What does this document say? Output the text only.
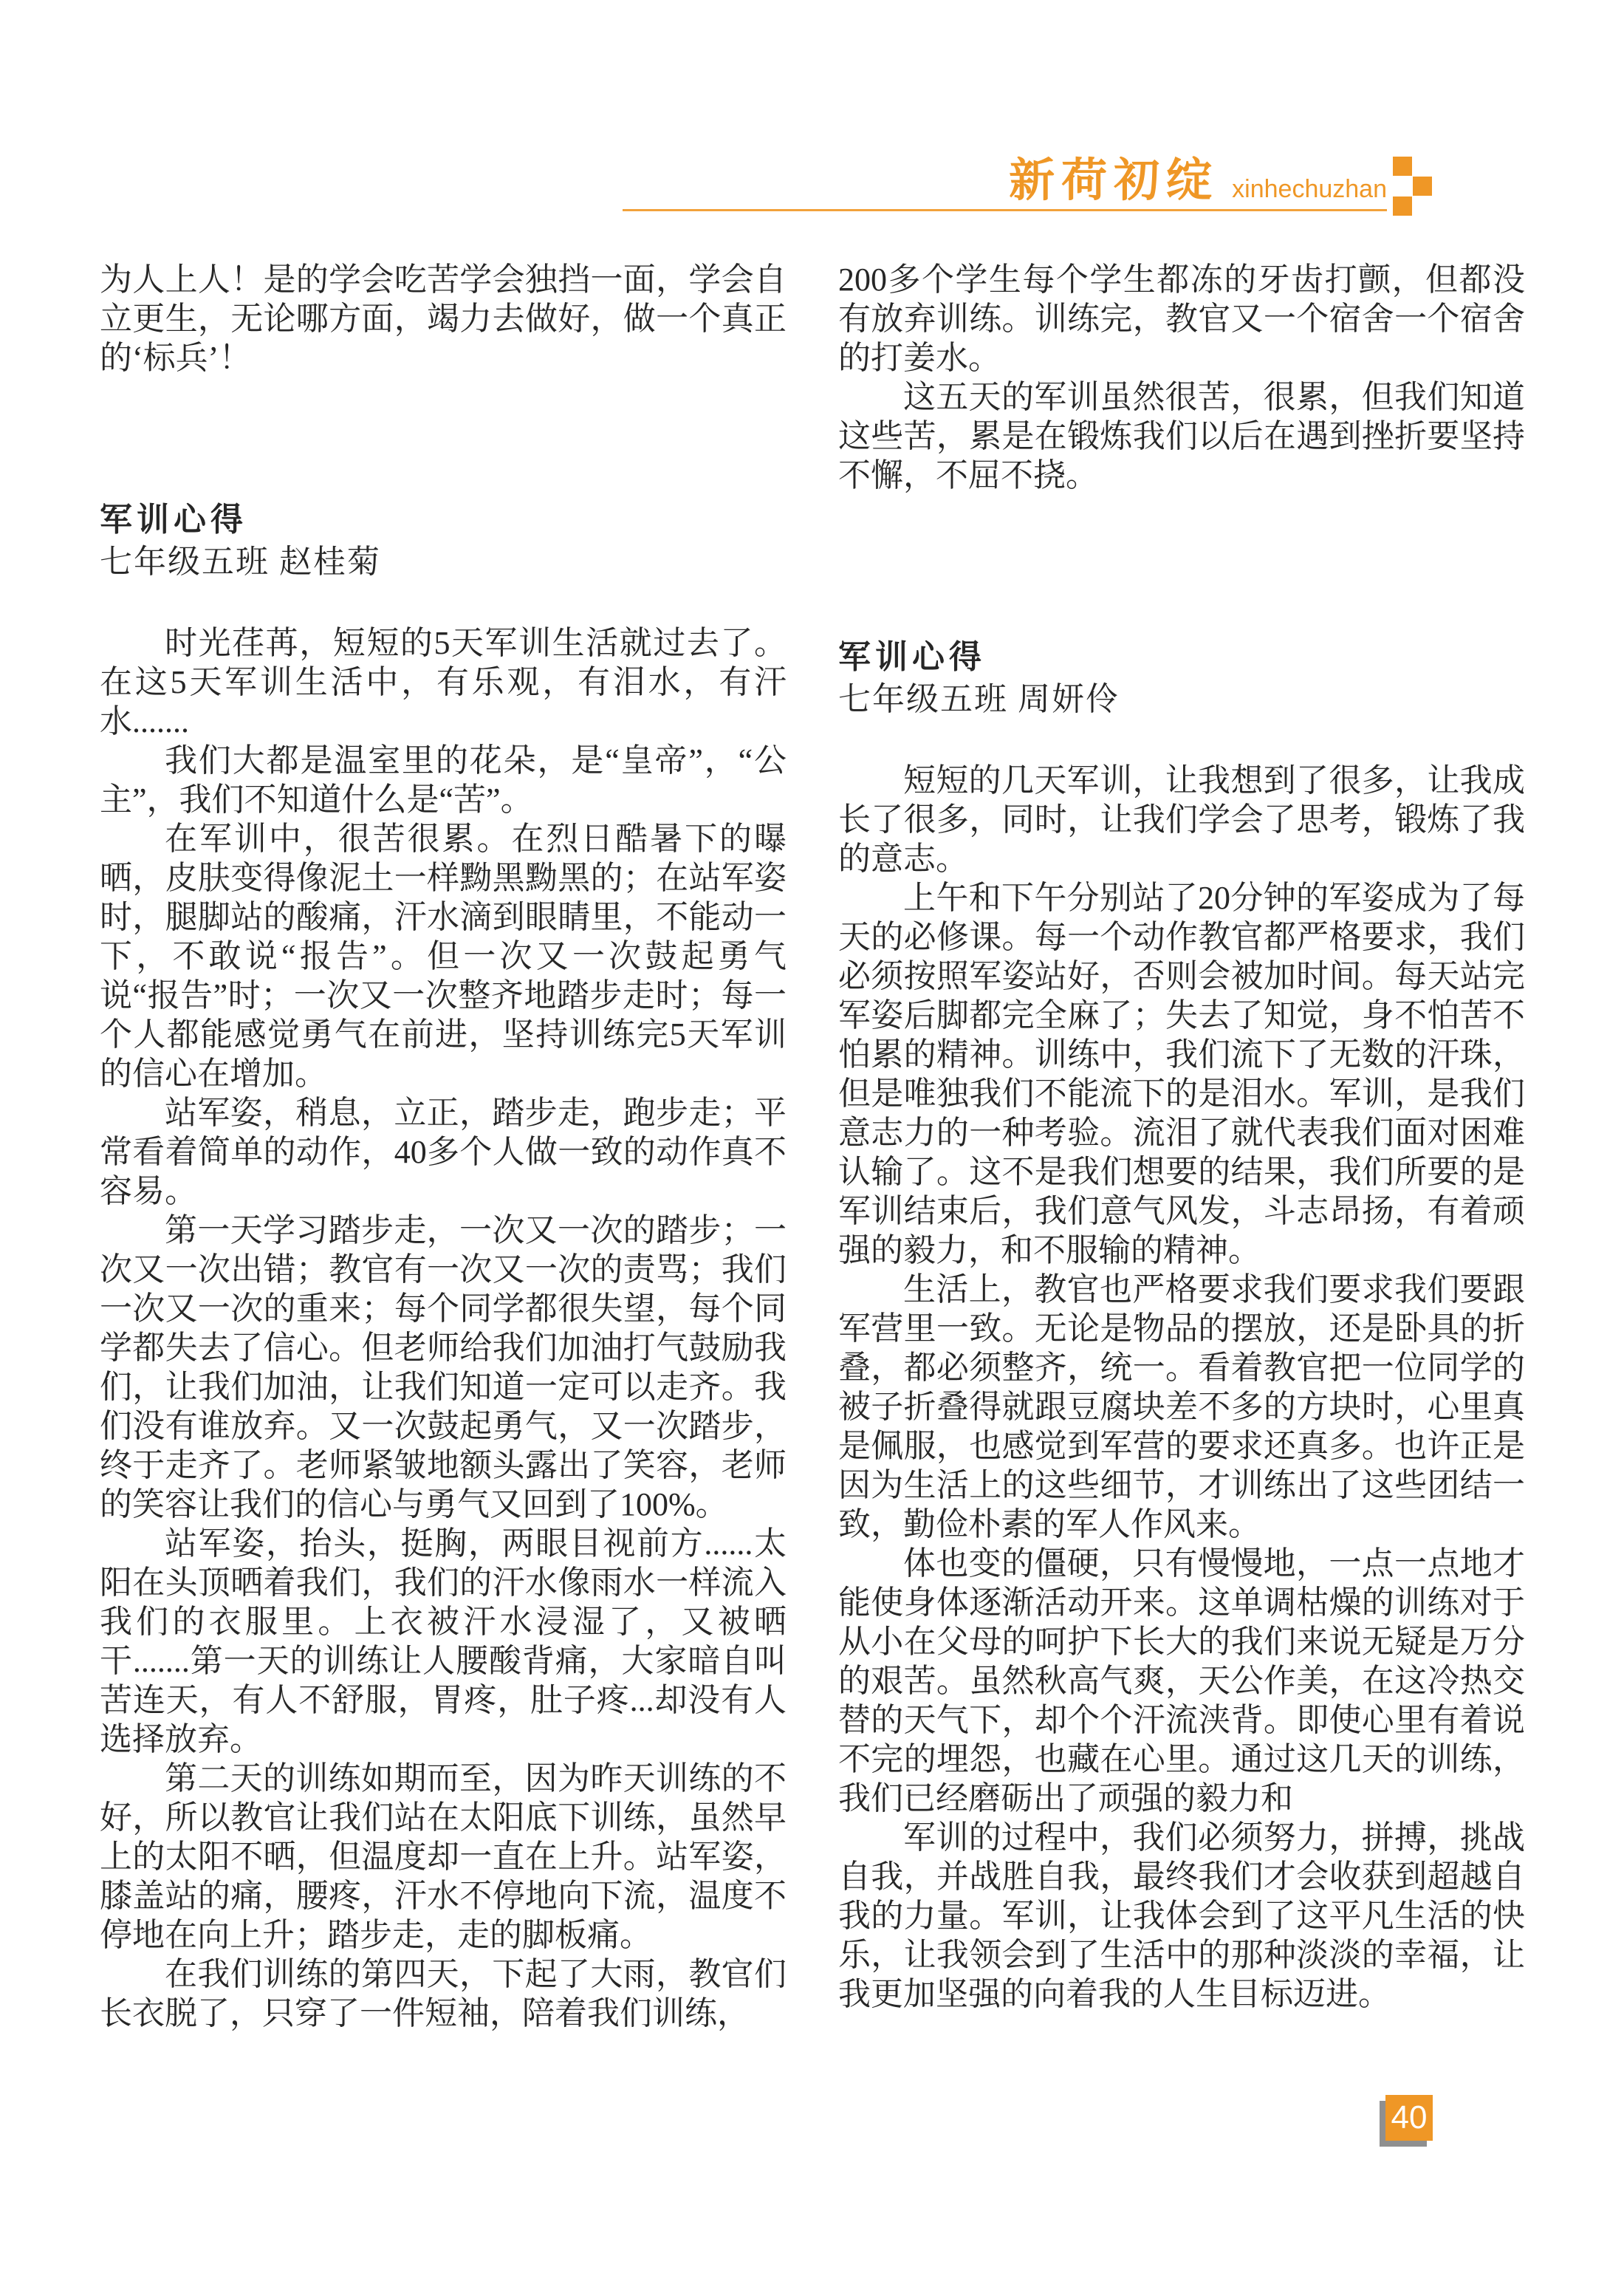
新荷初绽 xinhechuzhan

为人上人！是的学会吃苦学会独挡一面，学会自立更生，无论哪方面，竭力去做好，做一个真正的‘标兵’！

军训心得

七年级五班 赵桂菊

时光荏苒，短短的5天军训生活就过去了。在这5天军训生活中，有乐观，有泪水，有汗水.......

我们大都是温室里的花朵，是“皇帝”，“公主”，我们不知道什么是“苦”。

在军训中，很苦很累。在烈日酷暑下的曝晒，皮肤变得像泥土一样黝黑黝黑的；在站军姿时，腿脚站的酸痛，汗水滴到眼睛里，不能动一下，不敢说“报告”。但一次又一次鼓起勇气说“报告”时；一次又一次整齐地踏步走时；每一个人都能感觉勇气在前进，坚持训练完5天军训的信心在增加。

站军姿，稍息，立正，踏步走，跑步走；平常看着简单的动作，40多个人做一致的动作真不容易。

第一天学习踏步走，一次又一次的踏步；一次又一次出错；教官有一次又一次的责骂；我们一次又一次的重来；每个同学都很失望，每个同学都失去了信心。但老师给我们加油打气鼓励我们，让我们加油，让我们知道一定可以走齐。我们没有谁放弃。又一次鼓起勇气，又一次踏步，终于走齐了。老师紧皱地额头露出了笑容，老师的笑容让我们的信心与勇气又回到了100%。

站军姿，抬头，挺胸，两眼目视前方......太阳在头顶晒着我们，我们的汗水像雨水一样流入我们的衣服里。上衣被汗水浸湿了，又被晒干.......第一天的训练让人腰酸背痛，大家暗自叫苦连天，有人不舒服，胃疼，肚子疼...却没有人选择放弃。

第二天的训练如期而至，因为昨天训练的不好，所以教官让我们站在太阳底下训练，虽然早上的太阳不晒，但温度却一直在上升。站军姿，膝盖站的痛，腰疼，汗水不停地向下流，温度不停地在向上升；踏步走，走的脚板痛。

在我们训练的第四天，下起了大雨，教官们长衣脱了，只穿了一件短袖，陪着我们训练，

200多个学生每个学生都冻的牙齿打颤，但都没有放弃训练。训练完，教官又一个宿舍一个宿舍的打姜水。

这五天的军训虽然很苦，很累，但我们知道这些苦，累是在锻炼我们以后在遇到挫折要坚持不懈，不屈不挠。

军训心得

七年级五班 周妍伶

短短的几天军训，让我想到了很多，让我成长了很多，同时，让我们学会了思考，锻炼了我的意志。

上午和下午分别站了20分钟的军姿成为了每天的必修课。每一个动作教官都严格要求，我们必须按照军姿站好，否则会被加时间。每天站完军姿后脚都完全麻了；失去了知觉，身不怕苦不怕累的精神。训练中，我们流下了无数的汗珠，但是唯独我们不能流下的是泪水。军训，是我们意志力的一种考验。流泪了就代表我们面对困难认输了。这不是我们想要的结果，我们所要的是军训结束后，我们意气风发，斗志昂扬，有着顽强的毅力，和不服输的精神。

生活上，教官也严格要求我们要求我们要跟军营里一致。无论是物品的摆放，还是卧具的折叠，都必须整齐，统一。看着教官把一位同学的被子折叠得就跟豆腐块差不多的方块时，心里真是佩服，也感觉到军营的要求还真多。也许正是因为生活上的这些细节，才训练出了这些团结一致，勤俭朴素的军人作风来。

体也变的僵硬，只有慢慢地，一点一点地才能使身体逐渐活动开来。这单调枯燥的训练对于从小在父母的呵护下长大的我们来说无疑是万分的艰苦。虽然秋高气爽，天公作美，在这冷热交替的天气下，却个个汗流浃背。即使心里有着说不完的埋怨，也藏在心里。通过这几天的训练，我们已经磨砺出了顽强的毅力和

军训的过程中，我们必须努力，拼搏，挑战自我，并战胜自我，最终我们才会收获到超越自我的力量。军训，让我体会到了这平凡生活的快乐，让我领会到了生活中的那种淡淡的幸福，让我更加坚强的向着我的人生目标迈进。

40
